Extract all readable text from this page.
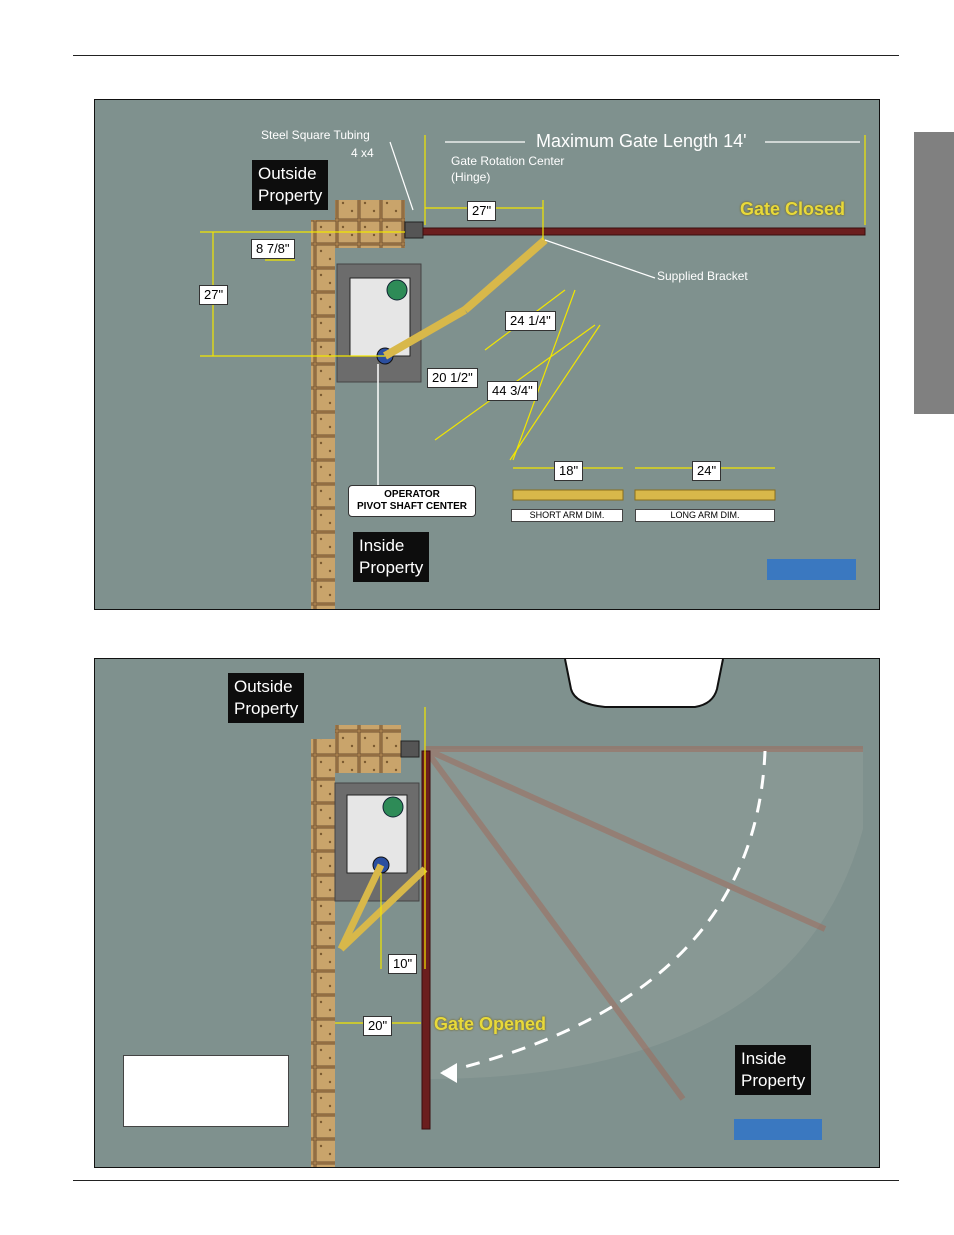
Outside
Property
Inside
Property
Steel Square Tubing
4 x4
Maximum Gate Length 14'
Gate Rotation Center
(Hinge)
Gate Closed
Supplied Bracket
27"
8 7/8"
27"
24 1/4"
20 1/2"
44 3/4"
18"	24"
OPERATOR
PIVOT SHAFT CENTER
SHORT ARM DIM.	LONG ARM DIM.
Outside
Property
Inside
Property
Gate Opened
10"
20"
